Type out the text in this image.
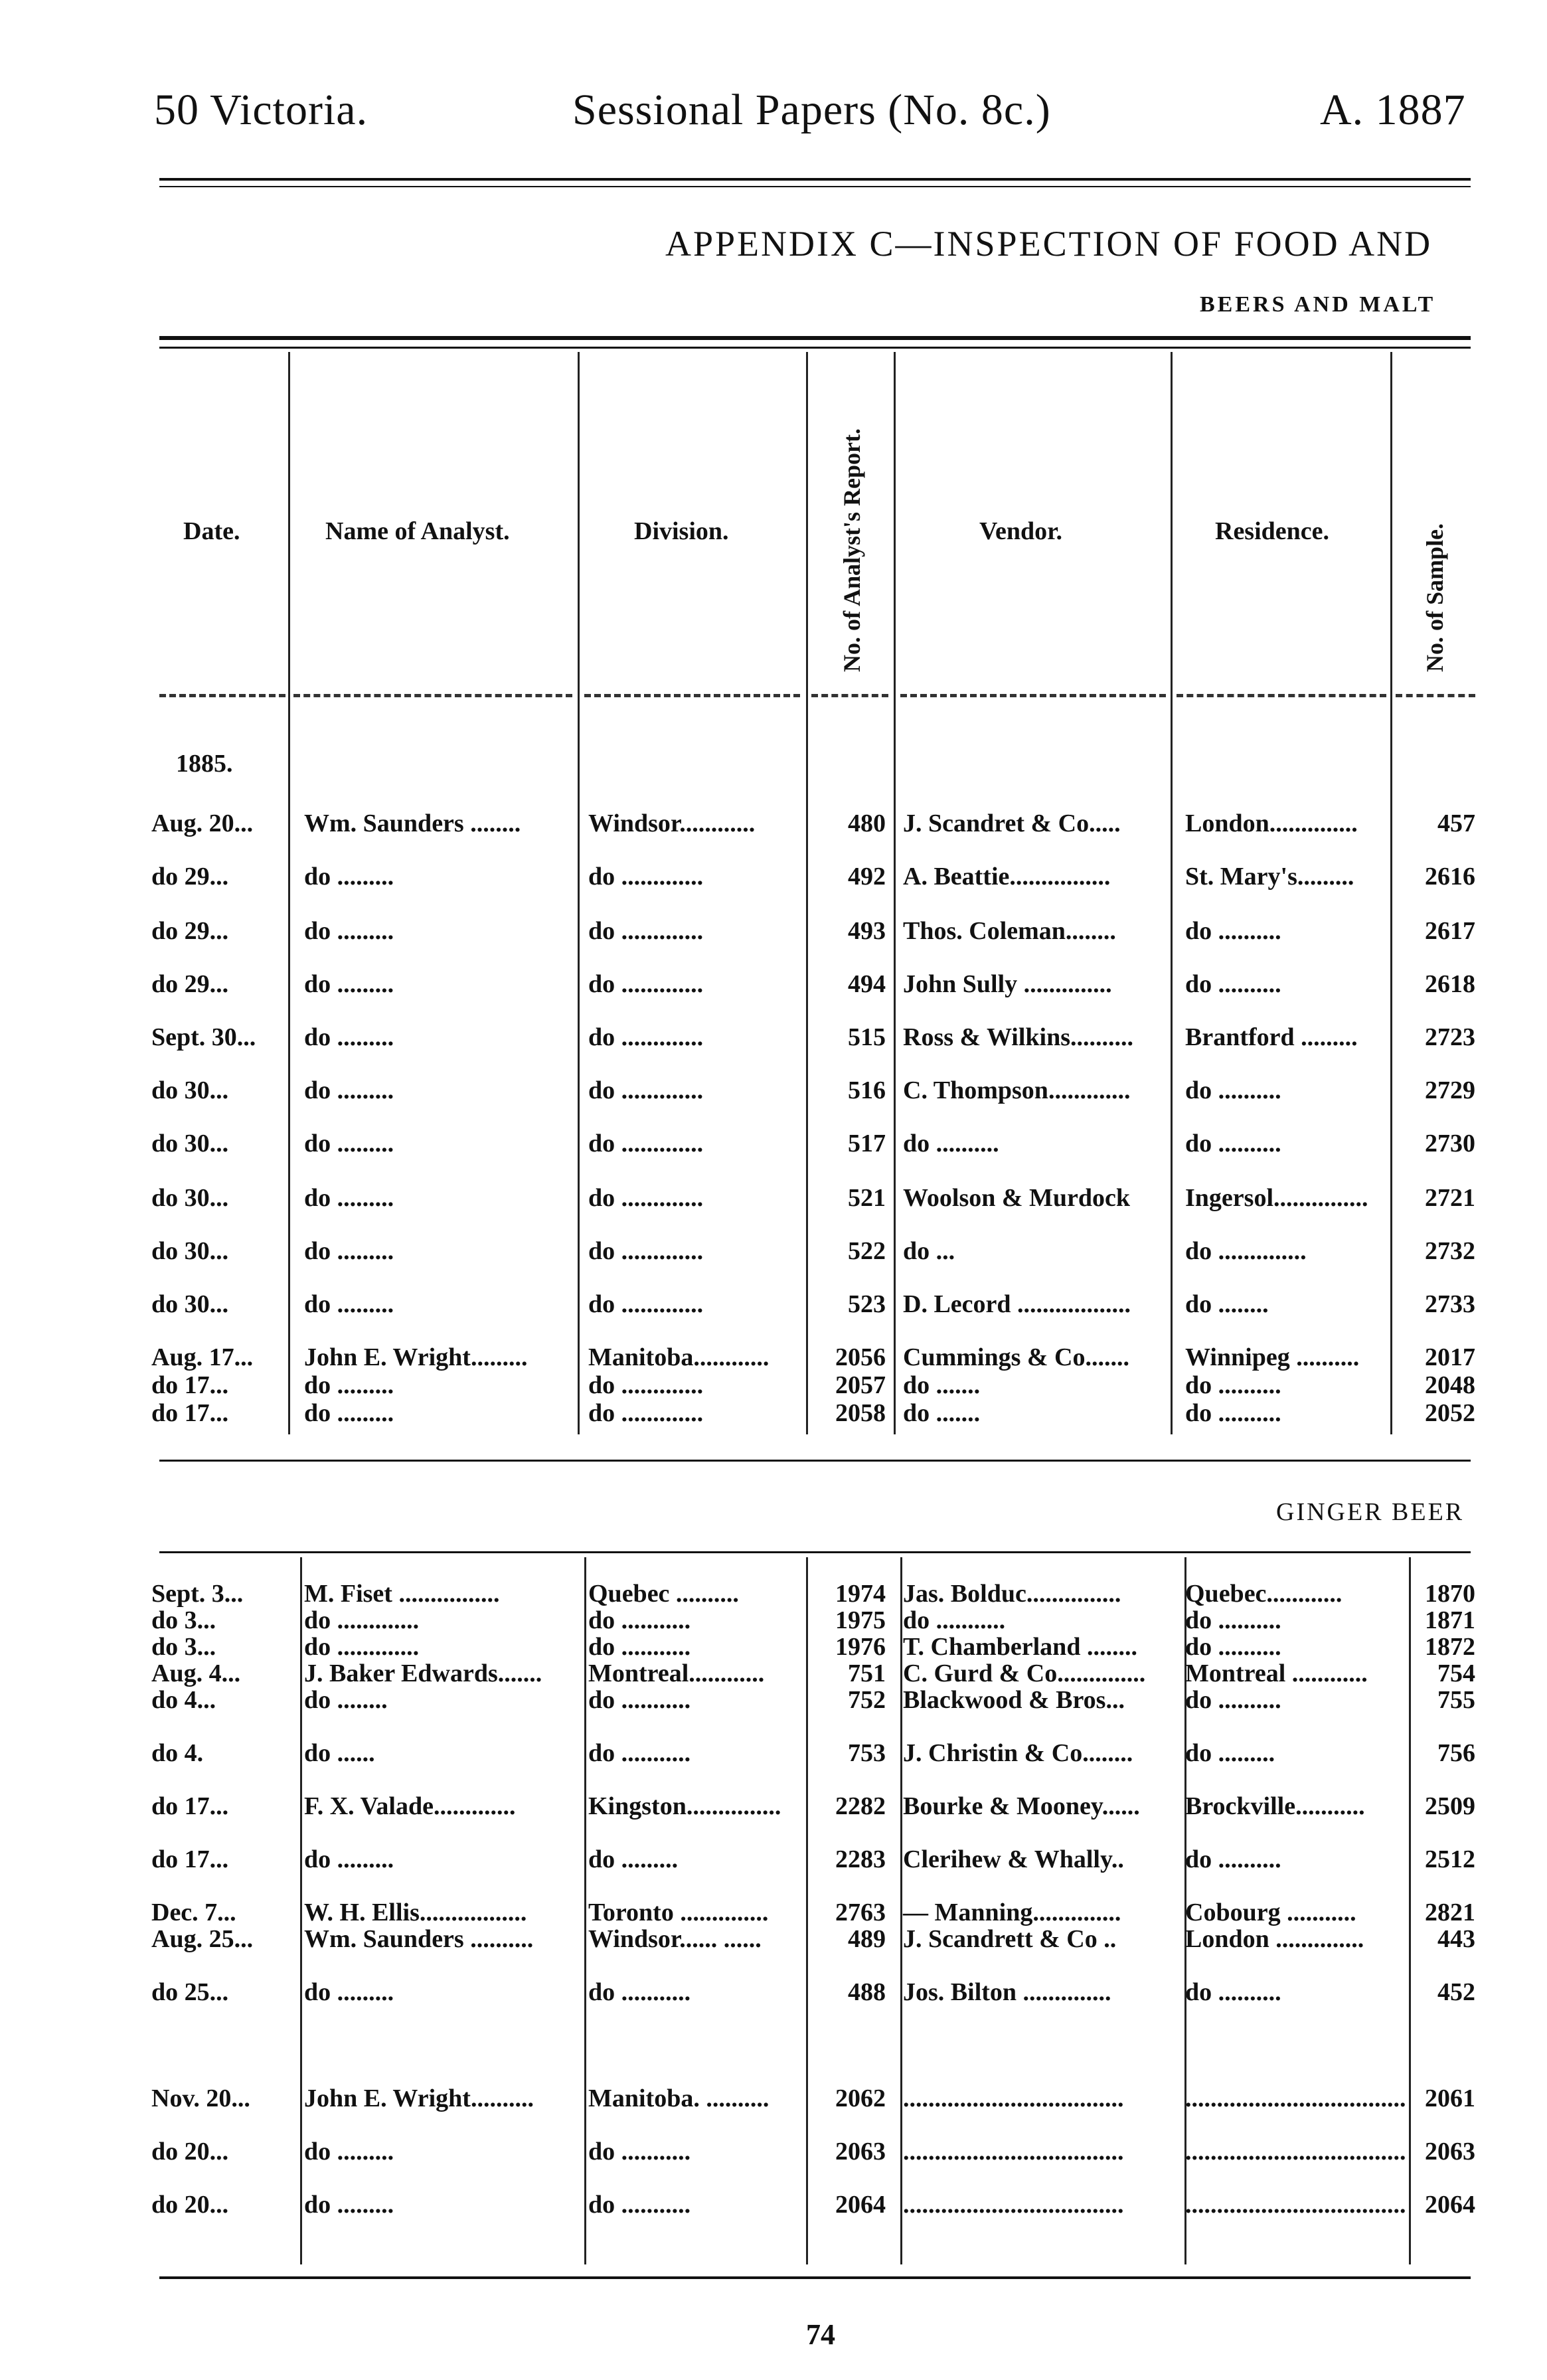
50 Victoria.	Sessional Papers (No. 8c.)	A. 1887
APPENDIX C—INSPECTION OF FOOD AND
BEERS AND MALT
Date.	Name of Analyst.	Division.	No. of Analyst's Report.	Vendor.	Residence.	No. of Sample.
1885.
Aug. 20... Wm. Saunders ........	Windsor............	480 J. Scandret & Co.....	London..............	457
do 29...	do .........	do .............	492 A. Beattie................	St. Mary's.........	2616
do 29...	do .........	do .............	493 Thos. Coleman........	do ..........	2617
do 29...	do .........	do .............	494 John Sully ..............	do ..........	2618
Sept. 30... do .........	do .............	515 Ross & Wilkins.......... Brantford .........	2723
do 30...	do .........	do .............	516 C. Thompson............. do ..........	2729
do 30...	do .........	do .............	517 do ..........	do ..........	2730
do 30...	do .........	do .............	521 Woolson & Murdock Ingersol...............	2721
do 30...	do .........	do .............	522 do ...	do ..............	2732
do 30...	do .........	do .............	523 D. Lecord .................. do ........	2733
Aug. 17... John E. Wright......... Manitoba............	2056 Cummings & Co....... Winnipeg ..........	2017
do 17...	do .........	do .............	2057 do .......	do ..........	2048
do 17...	do .........	do .............	2058 do .......	do ..........	2052
GINGER BEER
Sept. 3... M. Fiset ................	Quebec ..........	1974 Jas. Bolduc...............	Quebec............	1870
do 3...	do .............	do ...........	1975 do ...........	do ..........	1871
do 3...	do .............	do ...........	1976 T. Chamberland ........ do ..........	1872
Aug. 4...	J. Baker Edwards....... Montreal............	751 C. Gurd & Co.............. Montreal ............	754
do 4...	do ........	do ...........	752 Blackwood & Bros... do ..........	755
do 4.	do ......	do ...........	753 J. Christin & Co........ do .........	756
do 17...	F. X. Valade.............	Kingston...............	2282 Bourke & Mooney...... Brockville...........	2509
do 17...	do .........	do .........	2283 Clerihew & Whally.. do ..........	2512
Dec. 7...	W. H. Ellis................. Toronto ..............	2763 — Manning..............	Cobourg ...........	2821
Aug. 25... Wm. Saunders .......... Windsor...... ......	489 J. Scandrett & Co ..	London ..............	443
do 25...	do .........	do ...........	488 Jos. Bilton ..............	do ..........	452
Nov. 20... John E. Wright.......... Manitoba. ..........	2062 ................................... ................................... 2061
do 20...	do .........	do ...........	2063 ................................... ................................... 2063
do 20...	do .........	do ...........	2064 ................................... ................................... 2064
74
